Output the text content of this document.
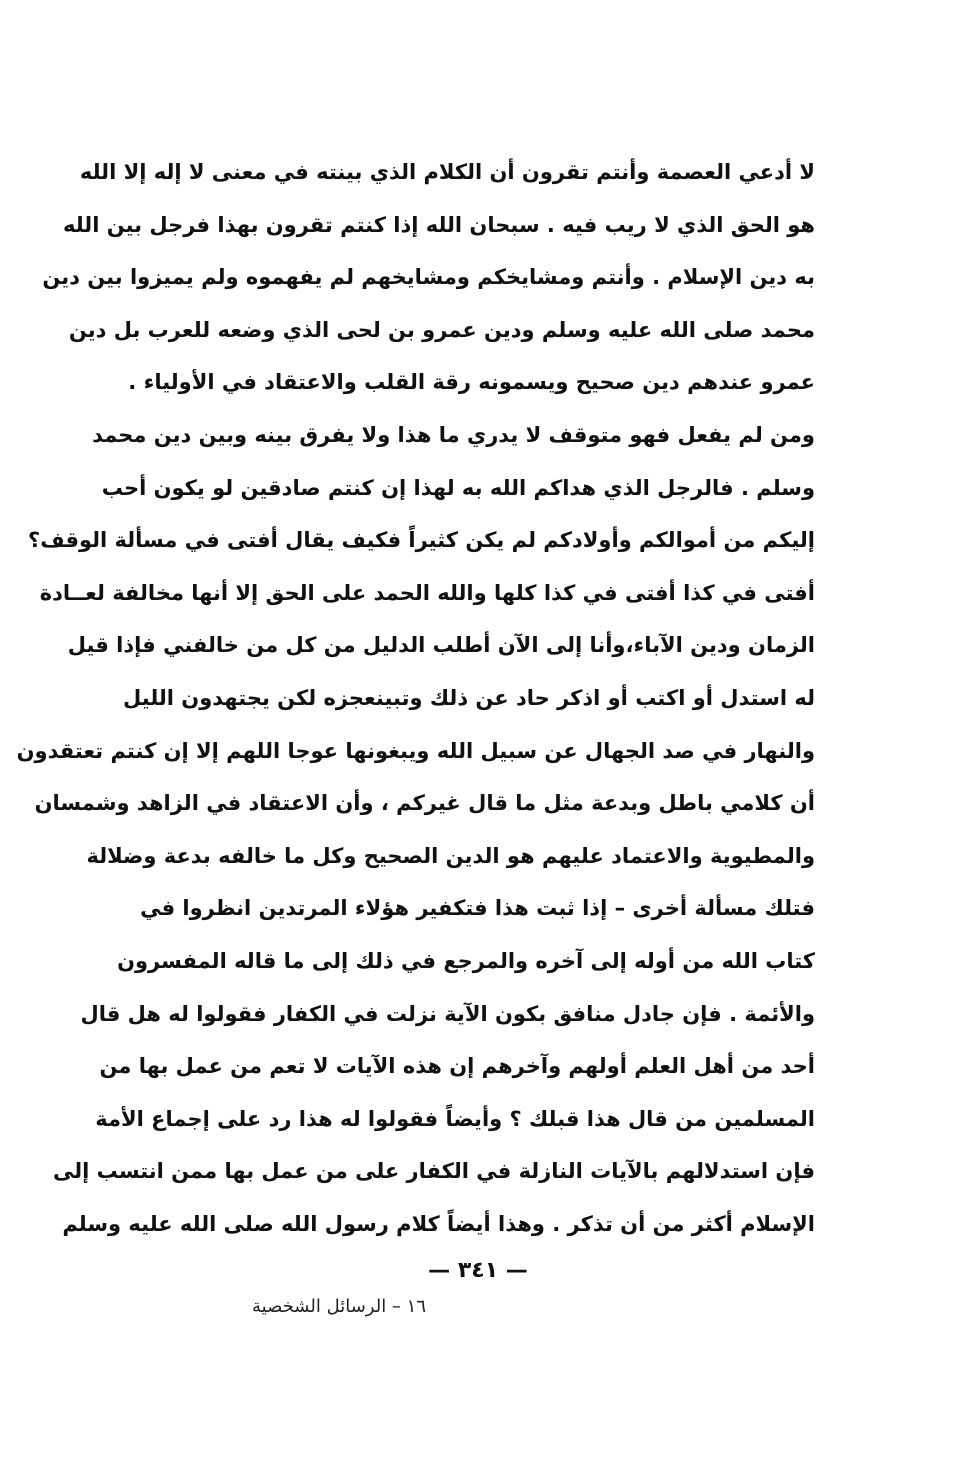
لا أدعي العصمة وأنتم تقرون أن الكلام الذي بينته في معنى لا إله إلا الله
هو الحق الذي لا ريب فيه . سبحان الله إذا كنتم تقرون بهذا فرجل بين الله
به دين الإسلام . وأنتم ومشايخكم ومشايخهم لم يفهموه ولم يميزوا بين دين
محمد صلى الله عليه وسلم ودين عمرو بن لحى الذي وضعه للعرب بل دين
عمرو عندهم دين صحيح ويسمونه رقة القلب والاعتقاد في الأولياء .
ومن لم يفعل فهو متوقف لا يدري ما هذا ولا يفرق بينه وبين دين محمد
وسلم . فالرجل الذي هداكم الله به لهذا إن كنتم صادقين لو يكون أحب
إليكم من أموالكم وأولادكم لم يكن كثيراً فكيف يقال أفتى في مسألة الوقف؟
أفتى في كذا أفتى في كذا كلها والله الحمد على الحق إلا أنها مخالفة لعــادة
الزمان ودين الآباء،وأنا إلى الآن أطلب الدليل من كل من خالفني فإذا قيل
له استدل أو اكتب أو اذكر حاد عن ذلك وتبينعجزه لكن يجتهدون الليل
والنهار في صد الجهال عن سبيل الله ويبغونها عوجا اللهم إلا إن كنتم تعتقدون
أن كلامي باطل وبدعة مثل ما قال غيركم ، وأن الاعتقاد في الزاهد وشمسان
والمطيوية والاعتماد عليهم هو الدين الصحيح وكل ما خالفه بدعة وضلالة
فتلك مسألة أخرى – إذا ثبت هذا فتكفير هؤلاء المرتدين انظروا في
كتاب الله من أوله إلى آخره والمرجع في ذلك إلى ما قاله المفسرون
والأئمة . فإن جادل منافق بكون الآية نزلت في الكفار فقولوا له هل قال
أحد من أهل العلم أولهم وآخرهم إن هذه الآيات لا تعم من عمل بها من
المسلمين من قال هذا قبلك ؟ وأيضاً فقولوا له هذا رد على إجماع الأمة
فإن استدلالهم بالآيات النازلة في الكفار على من عمل بها ممن انتسب إلى
الإسلام أكثر من أن تذكر . وهذا أيضاً كلام رسول الله صلى الله عليه وسلم
— ٣٤١ —
١٦ – الرسائل الشخصية
